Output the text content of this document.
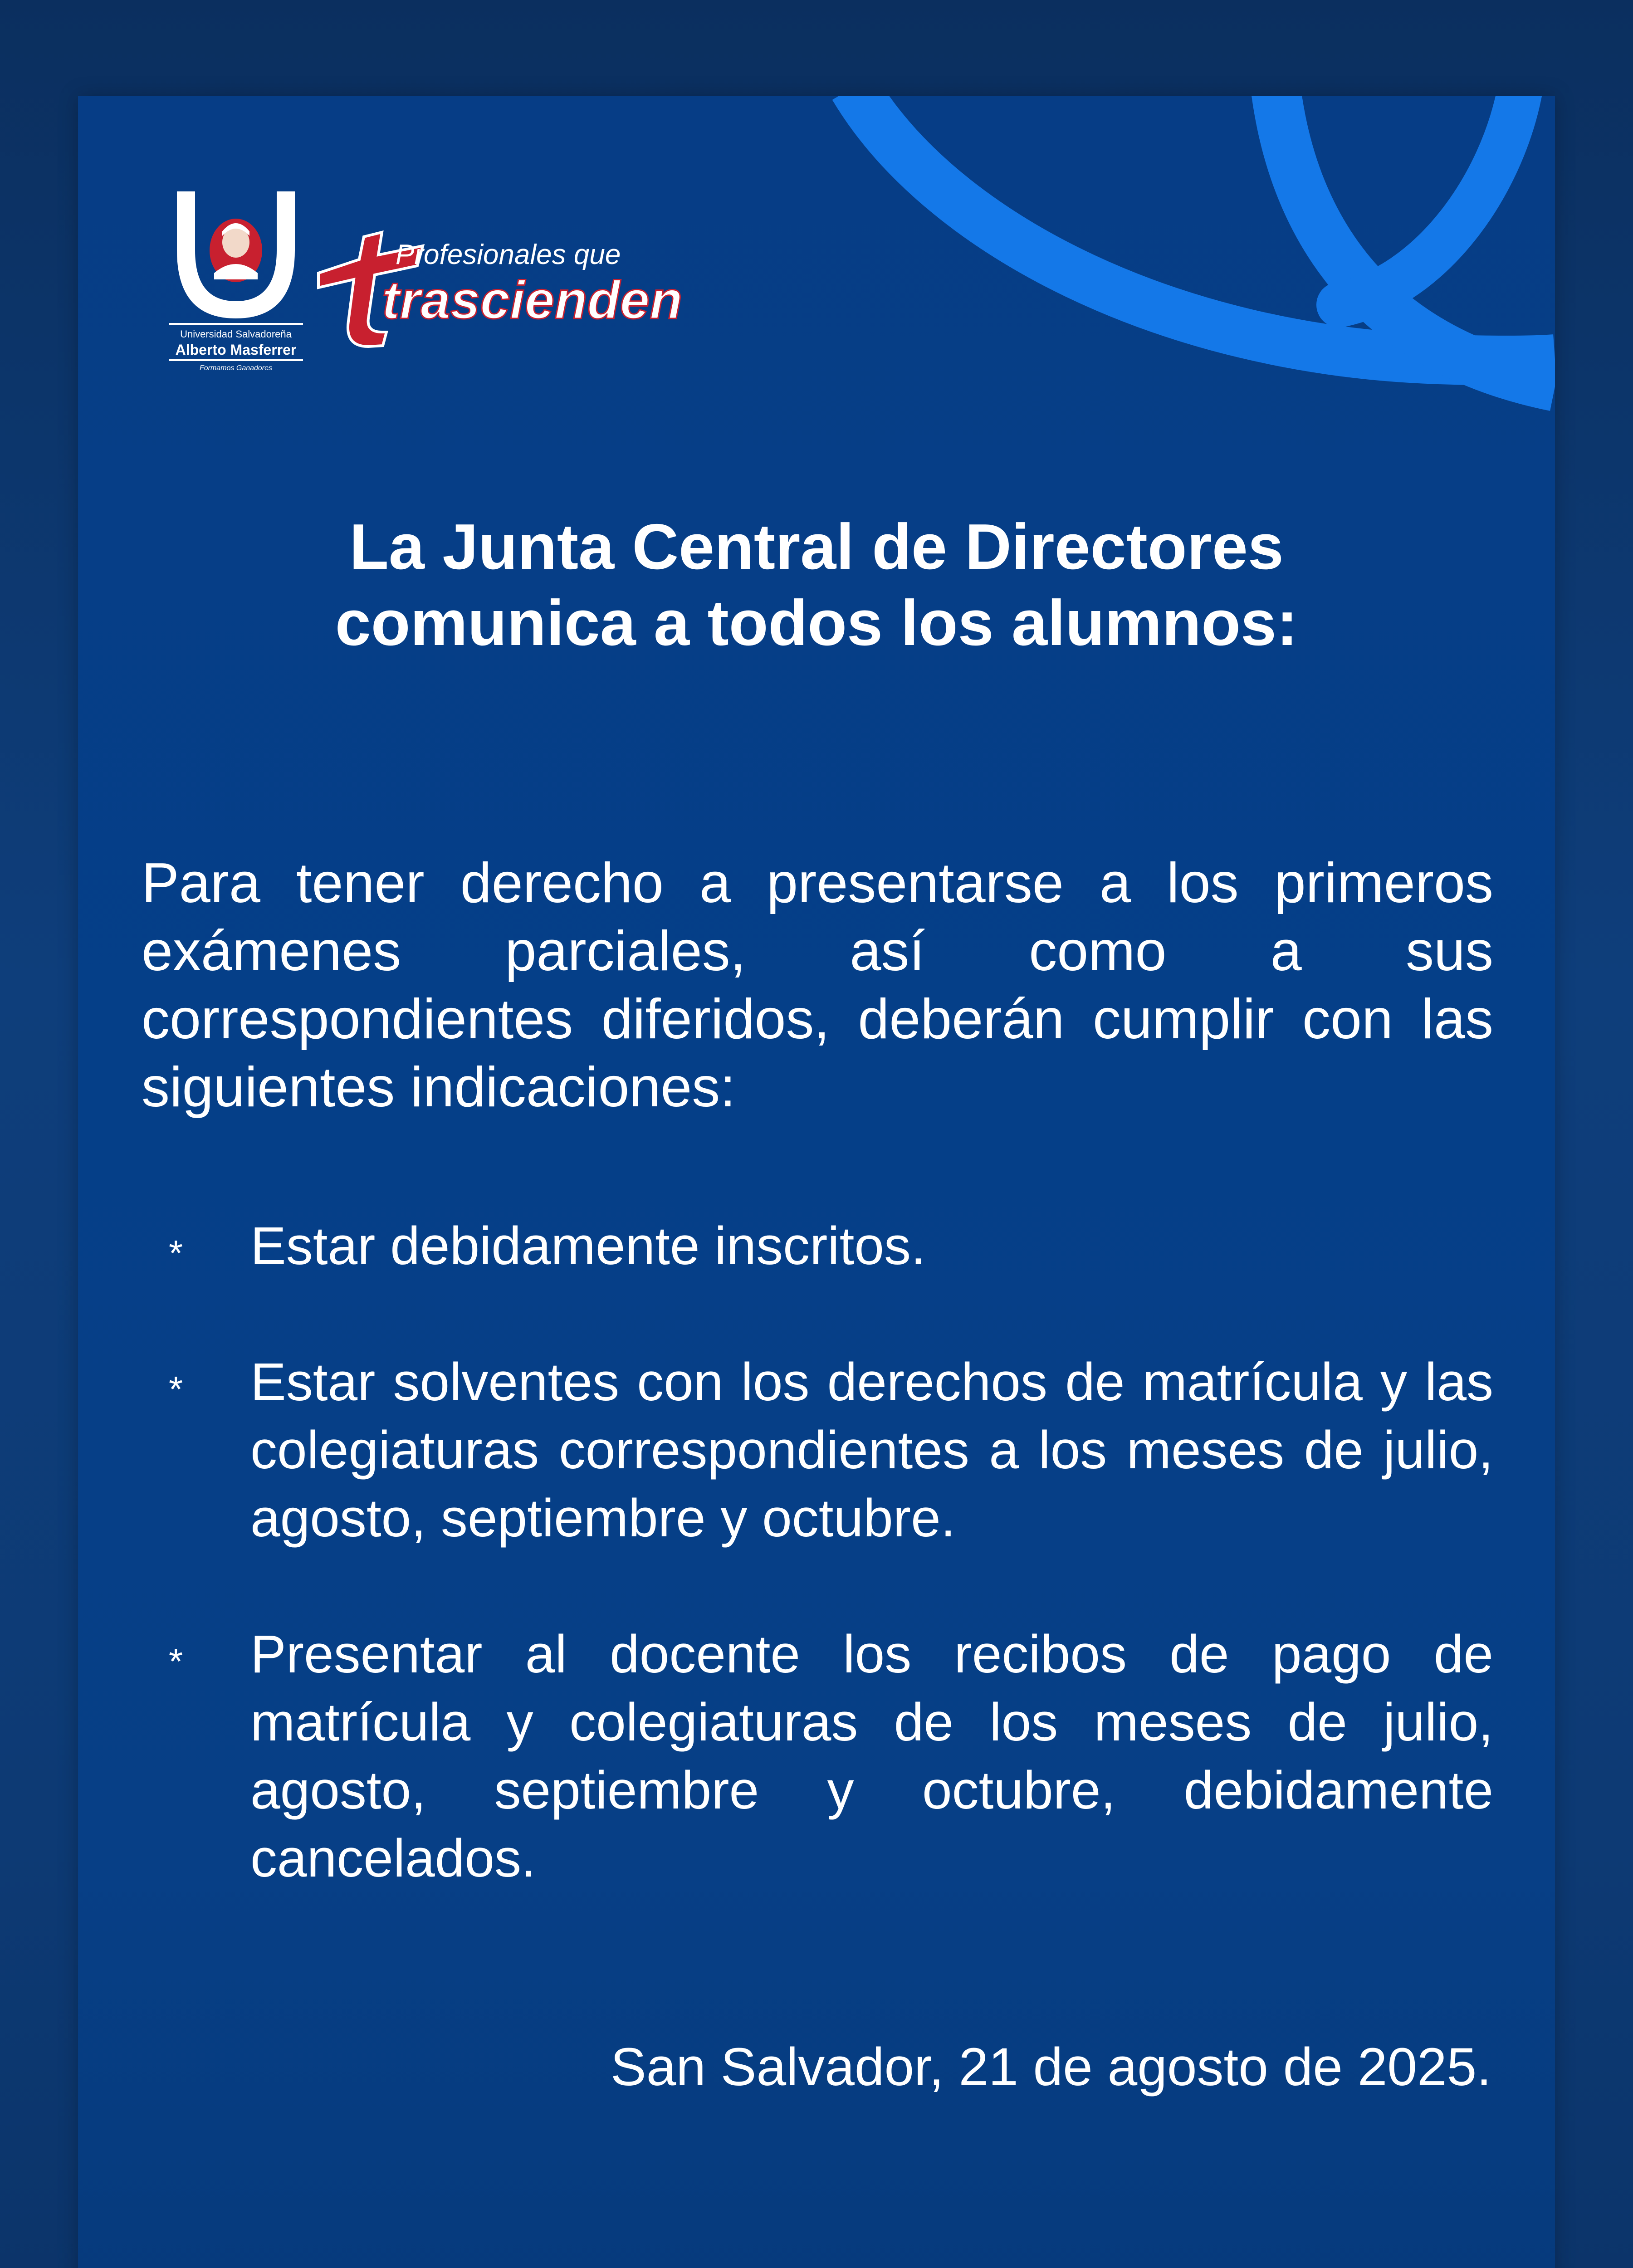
Universidad Salvadoreña
Alberto Masferrer
Formamos Ganadores
Profesionales que
trascienden
La Junta Central de Directores
comunica a todos los alumnos:
Para tener derecho a presentarse a los primeros exámenes parciales, así como a sus correspondientes diferidos, deberán cumplir con las siguientes indicaciones:
* Estar debidamente inscritos.
* Estar solventes con los derechos de matrícula y las colegiaturas correspondientes a los meses de julio, agosto, septiembre y octubre.
* Presentar al docente los recibos de pago de matrícula y colegiaturas de los meses de julio, agosto, septiembre y octubre, debidamente cancelados.
San Salvador, 21 de agosto de 2025.
